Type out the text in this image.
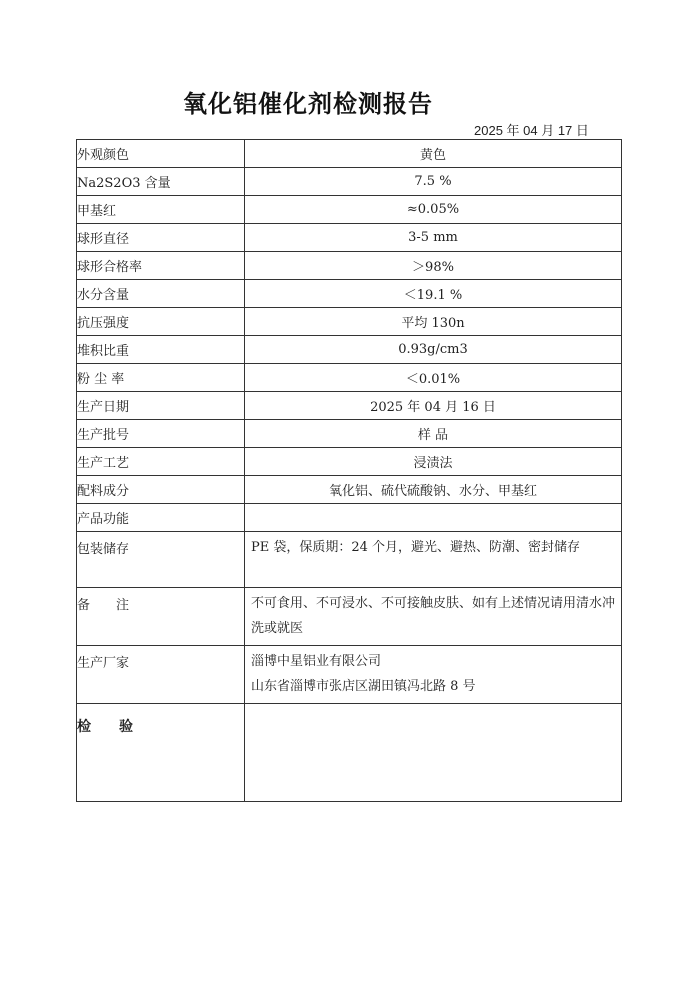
氧化铝催化剂检测报告
2025 年 04 月 17 日
外观颜色	黄色
Na2S2O3 含量	7.5 %
甲基红	≈0.05%
球形直径	3-5 mm
球形合格率	＞98%
水分含量	＜19.1 %
抗压强度	平均 130n
堆积比重	0.93g/cm3
粉 尘 率	＜0.01%
生产日期	2025 年 04 月 16 日
生产批号	样 品
生产工艺	浸渍法
配料成分	氧化铝、硫代硫酸钠、水分、甲基红
产品功能	
包装储存	PE 袋，保质期：24 个月，避光、避热、防潮、密封储存
备　　注	不可食用、不可浸水、不可接触皮肤、如有上述情况请用清水冲洗或就医
生产厂家	淄博中星铝业有限公司
山东省淄博市张店区湖田镇冯北路 8 号

检　　验	
